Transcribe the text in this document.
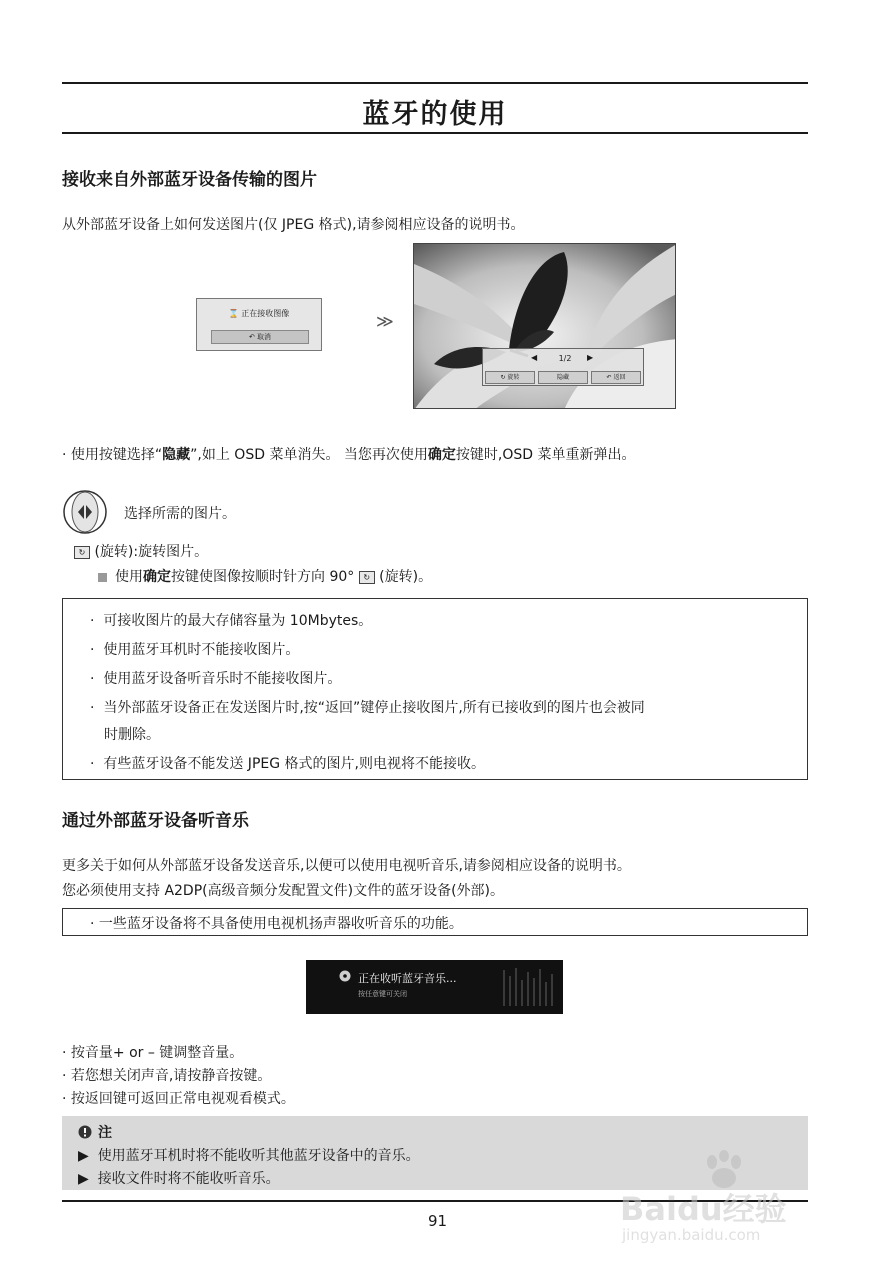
蓝牙的使用
接收来自外部蓝牙设备传输的图片
从外部蓝牙设备上如何发送图片(仅 JPEG 格式),请参阅相应设备的说明书。
⌛ 正在接收图像
↶ 取消
≫
◀	1/2	▶
↻ 旋转	隐藏	↶ 返回
· 使用按键选择“隐藏”,如上 OSD 菜单消失。 当您再次使用确定按键时,OSD 菜单重新弹出。
选择所需的图片。
↻ (旋转):旋转图片。
使用确定按键使图像按顺时针方向 90° ↻ (旋转)。
·  可接收图片的最大存储容量为 10Mbytes。
·  使用蓝牙耳机时不能接收图片。
·  使用蓝牙设备听音乐时不能接收图片。
·  当外部蓝牙设备正在发送图片时,按“返回”键停止接收图片,所有已接收到的图片也会被同
时删除。
·  有些蓝牙设备不能发送 JPEG 格式的图片,则电视将不能接收。
通过外部蓝牙设备听音乐
更多关于如何从外部蓝牙设备发送音乐,以便可以使用电视听音乐,请参阅相应设备的说明书。
您必须使用支持 A2DP(高级音频分发配置文件)文件的蓝牙设备(外部)。
· 一些蓝牙设备将不具备使用电视机扬声器收听音乐的功能。
正在收听蓝牙音乐...
按任意键可关闭
· 按音量+ or – 键调整音量。
· 若您想关闭声音,请按静音按键。
· 按返回键可返回正常电视观看模式。
注
▶ 使用蓝牙耳机时将不能收听其他蓝牙设备中的音乐。
▶ 接收文件时将不能收听音乐。
91	Baidu经验
jingyan.baidu.com
